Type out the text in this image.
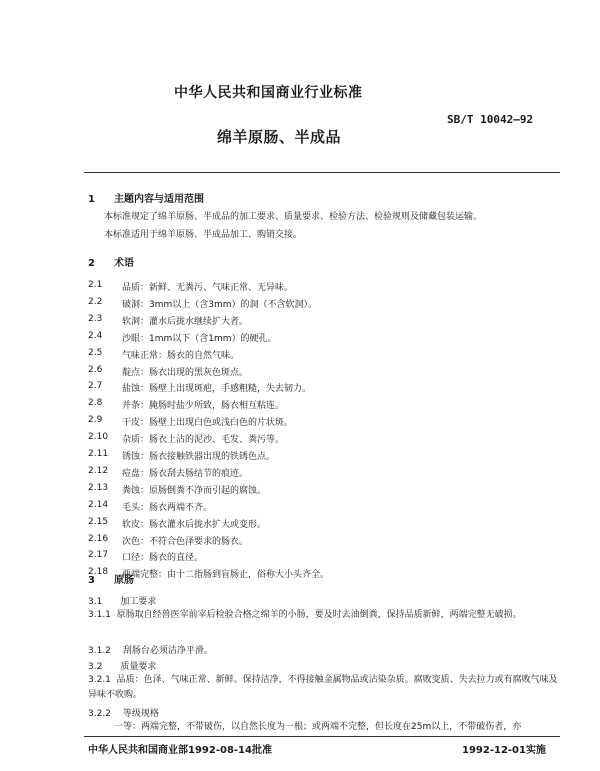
中华人民共和国商业行业标准
SB/T 10042—92
绵羊原肠、半成品
1 主题内容与适用范围
本标准规定了绵羊原肠、半成品的加工要求、质量要求、检验方法、检验规则及储藏包装运输。
本标准适用于绵羊原肠、半成品加工、购销交接。
2 术语
2.1 品质：新鲜、无粪污、气味正常、无异味。
2.2 破洞：3mm以上（含3mm）的洞（不含软洞）。
2.3 软洞：灌水后拢水继续扩大者。
2.4 沙眼：1mm以下（含1mm）的硬孔。
2.5 气味正常：肠衣的自然气味。
2.6 靛点：肠衣出现的黑灰色斑点。
2.7 盐蚀：肠壁上出现斑疤，手感粗糙，失去韧力。
2.8 并条：腌肠时盐少所致，肠衣相互粘连。
2.9 干皮：肠壁上出现白色或浅白色的片状斑。
2.10 杂质：肠衣上沾的泥沙、毛发、粪污等。
2.11 锈蚀：肠衣接触铁器出现的铁锈色点。
2.12 痘盘：肠衣刮去肠结节的痕迹。
2.13 粪蚀：原肠倒粪不净而引起的腐蚀。
2.14 毛头：肠衣两端不齐。
2.15 软皮：肠衣灌水后拢水扩大或变形。
2.16 次色：不符合色泽要求的肠衣。
2.17 口径：肠衣的直径。
2.18 两端完整：由十二指肠到盲肠止，俗称大小头齐全。
3 原肠
3.1 加工要求
3.1.1 原肠取自经兽医宰前宰后检验合格之绵羊的小肠，要及时去油倒粪，保持品质新鲜，两端完整无破损。
3.1.2 刮肠台必须洁净平滑。
3.2 质量要求
3.2.1 品质：色泽、气味正常、新鲜。保持洁净，不得接触金属物品或沾染杂质。腐败变质、失去拉力或有腐败气味及异味不收购。
3.2.2 等级规格
一等：两端完整，不带破伤，以自然长度为一根；或两端不完整，但长度在25m以上，不带破伤者，亦
中华人民共和国商业部1992-08-14批准	1992-12-01实施
